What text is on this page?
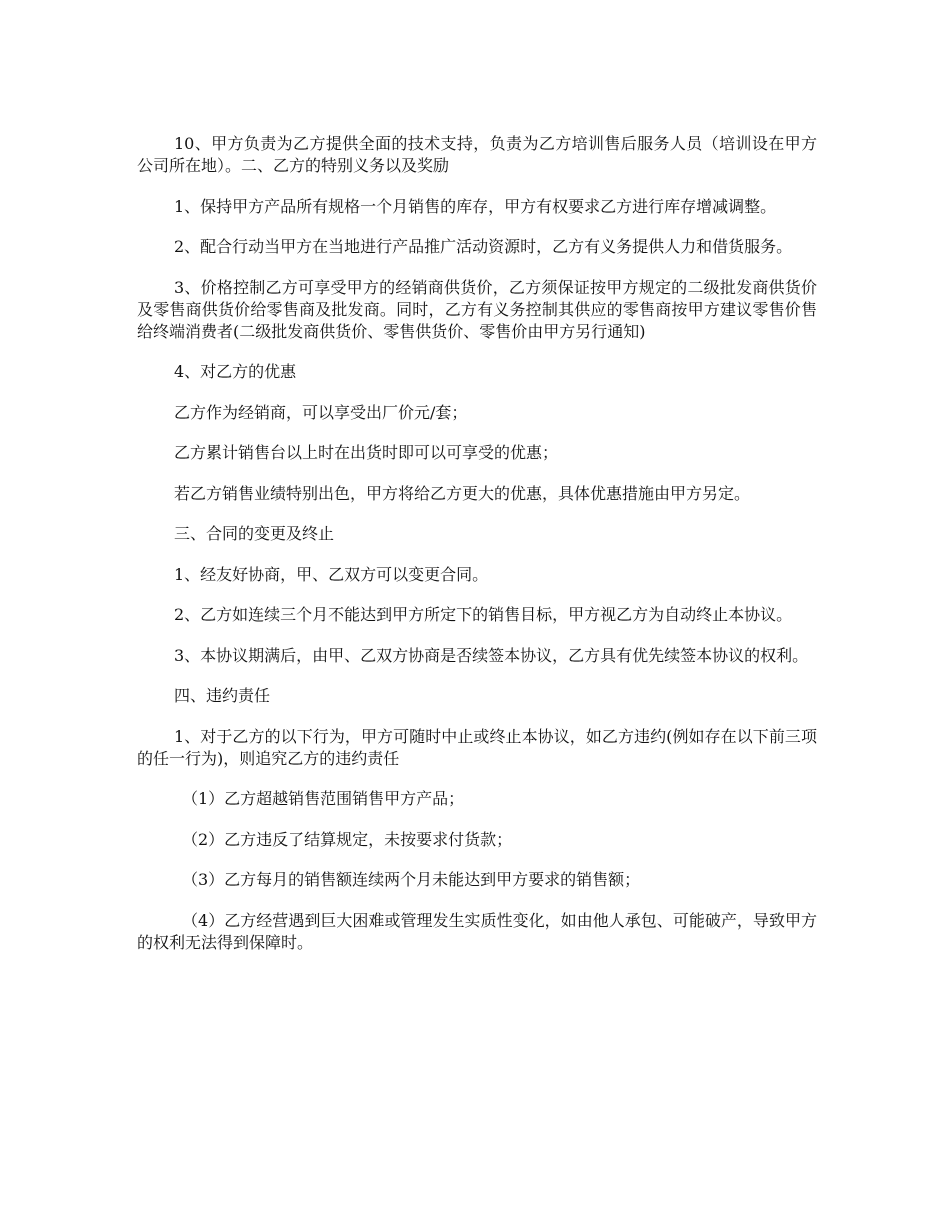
10、甲方负责为乙方提供全面的技术支持，负责为乙方培训售后服务人员（培训设在甲方公司所在地）。二、乙方的特别义务以及奖励

1、保持甲方产品所有规格一个月销售的库存，甲方有权要求乙方进行库存增减调整。

2、配合行动当甲方在当地进行产品推广活动资源时，乙方有义务提供人力和借货服务。

3、价格控制乙方可享受甲方的经销商供货价，乙方须保证按甲方规定的二级批发商供货价及零售商供货价给零售商及批发商。同时，乙方有义务控制其供应的零售商按甲方建议零售价售给终端消费者(二级批发商供货价、零售供货价、零售价由甲方另行通知)

4、对乙方的优惠

乙方作为经销商，可以享受出厂价元/套；

乙方累计销售台以上时在出货时即可以可享受的优惠；

若乙方销售业绩特别出色，甲方将给乙方更大的优惠，具体优惠措施由甲方另定。

三、合同的变更及终止

1、经友好协商，甲、乙双方可以变更合同。

2、乙方如连续三个月不能达到甲方所定下的销售目标，甲方视乙方为自动终止本协议。

3、本协议期满后，由甲、乙双方协商是否续签本协议，乙方具有优先续签本协议的权利。

四、违约责任

1、对于乙方的以下行为，甲方可随时中止或终止本协议，如乙方违约(例如存在以下前三项的任一行为)，则追究乙方的违约责任

（1）乙方超越销售范围销售甲方产品；

（2）乙方违反了结算规定，未按要求付货款；

（3）乙方每月的销售额连续两个月未能达到甲方要求的销售额；

（4）乙方经营遇到巨大困难或管理发生实质性变化，如由他人承包、可能破产，导致甲方的权利无法得到保障时。
